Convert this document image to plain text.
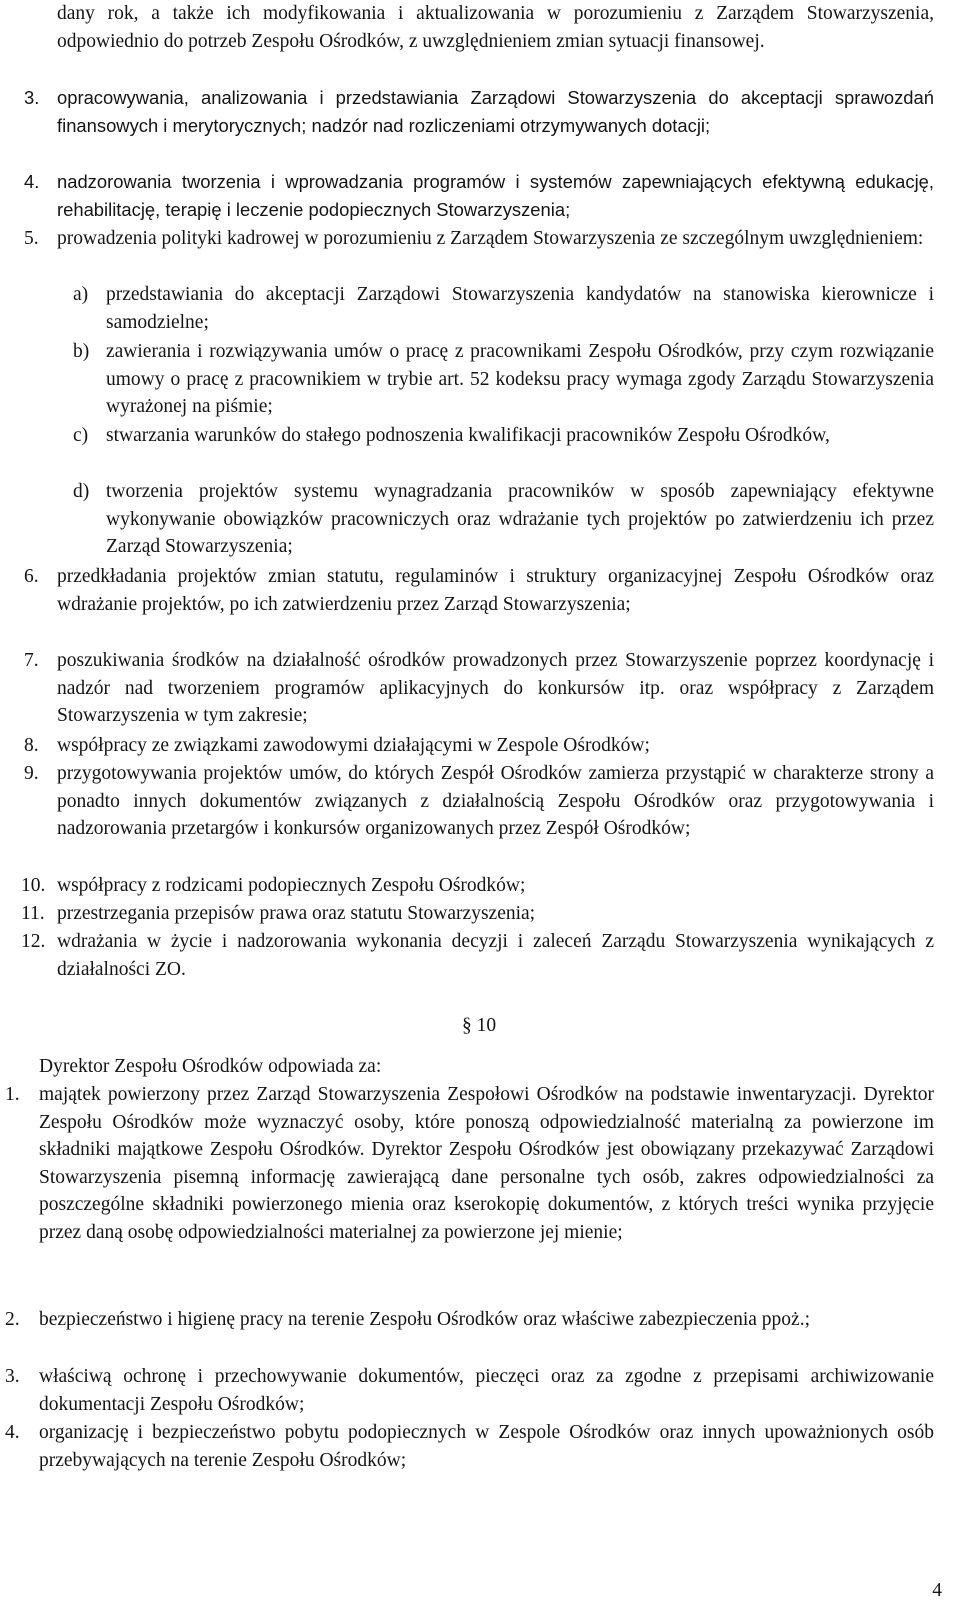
dany rok, a także ich modyfikowania i aktualizowania w porozumieniu z Zarządem Stowarzyszenia, odpowiednio do potrzeb Zespołu Ośrodków, z uwzględnieniem zmian sytuacji finansowej.

3. opracowywania, analizowania i przedstawiania Zarządowi Stowarzyszenia do akceptacji sprawozdań finansowych i merytorycznych; nadzór nad rozliczeniami otrzymywanych dotacji;

4. nadzorowania tworzenia i wprowadzania programów i systemów zapewniających efektywną edukację, rehabilitację, terapię i leczenie podopiecznych Stowarzyszenia;

5. prowadzenia polityki kadrowej w porozumieniu z Zarządem Stowarzyszenia ze szczególnym uwzględnieniem:

a) przedstawiania do akceptacji Zarządowi Stowarzyszenia kandydatów na stanowiska kierownicze i samodzielne;

b) zawierania i rozwiązywania umów o pracę z pracownikami Zespołu Ośrodków, przy czym rozwiązanie umowy o pracę z pracownikiem w trybie art. 52 kodeksu pracy wymaga zgody Zarządu Stowarzyszenia wyrażonej na piśmie;

c) stwarzania warunków do stałego podnoszenia kwalifikacji pracowników Zespołu Ośrodków,

d) tworzenia projektów systemu wynagradzania pracowników w sposób zapewniający efektywne wykonywanie obowiązków pracowniczych oraz wdrażanie tych projektów po zatwierdzeniu ich przez Zarząd Stowarzyszenia;

6. przedkładania projektów zmian statutu, regulaminów i struktury organizacyjnej Zespołu Ośrodków oraz wdrażanie projektów, po ich zatwierdzeniu przez Zarząd Stowarzyszenia;

7. poszukiwania środków na działalność ośrodków prowadzonych przez Stowarzyszenie poprzez koordynację i nadzór nad tworzeniem programów aplikacyjnych do konkursów itp. oraz współpracy z Zarządem Stowarzyszenia w tym zakresie;

8. współpracy ze związkami zawodowymi działającymi w Zespole Ośrodków;

9. przygotowywania projektów umów, do których Zespół Ośrodków zamierza przystąpić w charakterze strony a ponadto innych dokumentów związanych z działalnością Zespołu Ośrodków oraz przygotowywania i nadzorowania przetargów i konkursów organizowanych przez Zespół Ośrodków;

10. współpracy z rodzicami podopiecznych Zespołu Ośrodków;

11. przestrzegania przepisów prawa oraz statutu Stowarzyszenia;

12. wdrażania w życie i nadzorowania wykonania decyzji i zaleceń Zarządu Stowarzyszenia wynikających z działalności ZO.

§ 10

Dyrektor Zespołu Ośrodków odpowiada za:

1. majątek powierzony przez Zarząd Stowarzyszenia Zespołowi Ośrodków na podstawie inwentaryzacji. Dyrektor Zespołu Ośrodków może wyznaczyć osoby, które ponoszą odpowiedzialność materialną za powierzone im składniki majątkowe Zespołu Ośrodków. Dyrektor Zespołu Ośrodków jest obowiązany przekazywać Zarządowi Stowarzyszenia pisemną informację zawierającą dane personalne tych osób, zakres odpowiedzialności za poszczególne składniki powierzonego mienia oraz kserokopię dokumentów, z których treści wynika przyjęcie przez daną osobę odpowiedzialności materialnej za powierzone jej mienie;

2. bezpieczeństwo i higienę pracy na terenie Zespołu Ośrodków oraz właściwe zabezpieczenia ppoż.;

3. właściwą ochronę i przechowywanie dokumentów, pieczęci oraz za zgodne z przepisami archiwizowanie dokumentacji Zespołu Ośrodków;

4. organizację i bezpieczeństwo pobytu podopiecznych w Zespole Ośrodków oraz innych upoważnionych osób przebywających na terenie Zespołu Ośrodków;

4
